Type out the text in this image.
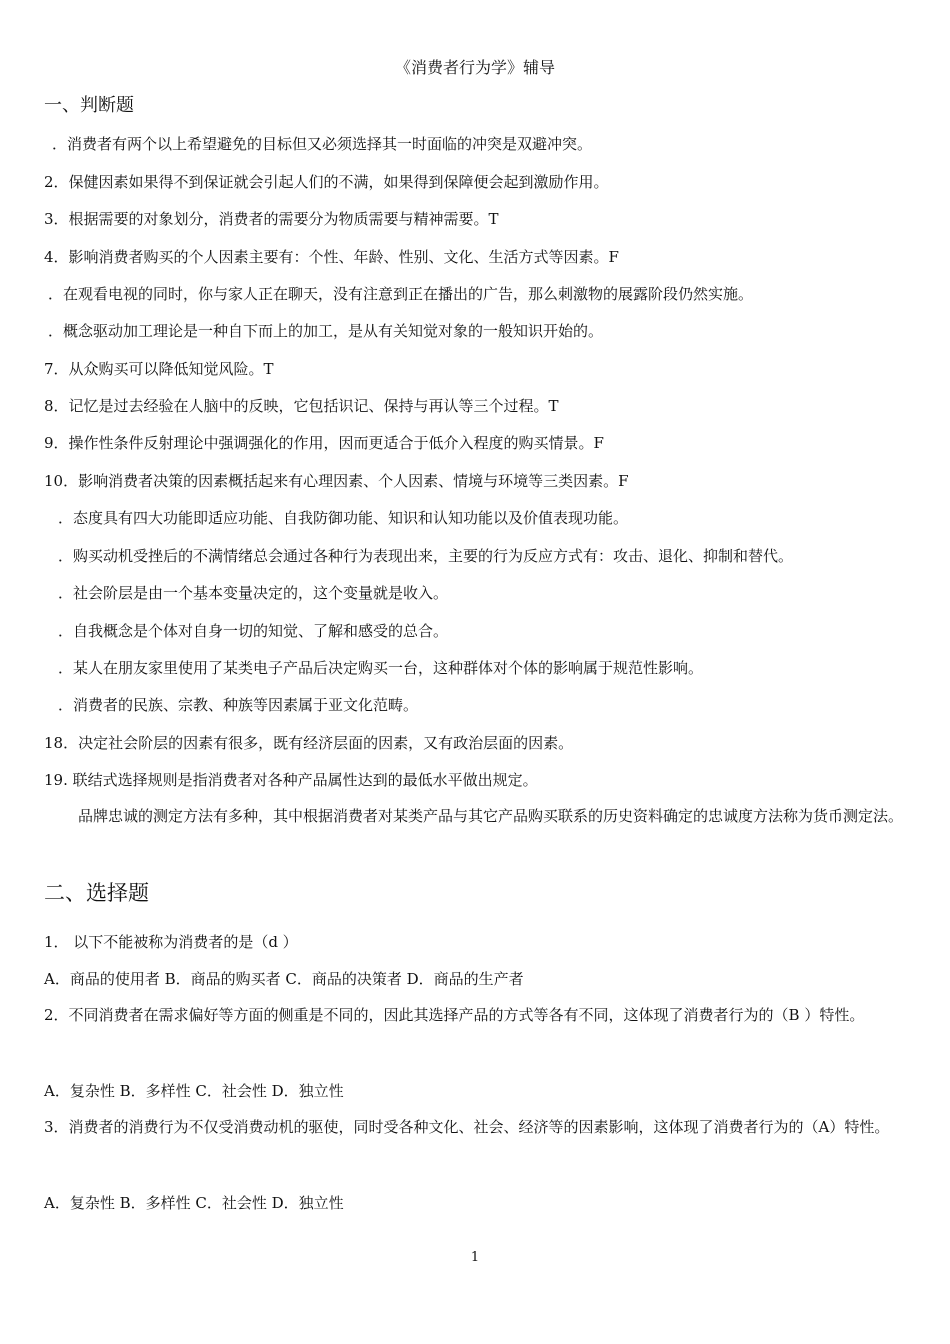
《消费者行为学》辅导
一、判断题
．消费者有两个以上希望避免的目标但又必须选择其一时面临的冲突是双避冲突。
2．保健因素如果得不到保证就会引起人们的不满，如果得到保障便会起到激励作用。
3．根据需要的对象划分，消费者的需要分为物质需要与精神需要。T
4．影响消费者购买的个人因素主要有：个性、年龄、性别、文化、生活方式等因素。F
．在观看电视的同时，你与家人正在聊天，没有注意到正在播出的广告，那么刺激物的展露阶段仍然实施。
．概念驱动加工理论是一种自下而上的加工，是从有关知觉对象的一般知识开始的。
7．从众购买可以降低知觉风险。T
8．记忆是过去经验在人脑中的反映，它包括识记、保持与再认等三个过程。T
9．操作性条件反射理论中强调强化的作用，因而更适合于低介入程度的购买情景。F
10．影响消费者决策的因素概括起来有心理因素、个人因素、情境与环境等三类因素。F
．态度具有四大功能即适应功能、自我防御功能、知识和认知功能以及价值表现功能。
．购买动机受挫后的不满情绪总会通过各种行为表现出来，主要的行为反应方式有：攻击、退化、抑制和替代。
．社会阶层是由一个基本变量决定的，这个变量就是收入。
．自我概念是个体对自身一切的知觉、了解和感受的总合。
．某人在朋友家里使用了某类电子产品后决定购买一台，这种群体对个体的影响属于规范性影响。
．消费者的民族、宗教、种族等因素属于亚文化范畴。
18．决定社会阶层的因素有很多，既有经济层面的因素，又有政治层面的因素。
19. 联结式选择规则是指消费者对各种产品属性达到的最低水平做出规定。
品牌忠诚的测定方法有多种，其中根据消费者对某类产品与其它产品购买联系的历史资料确定的忠诚度方法称为货币测定法。
二、选择题
1． 以下不能被称为消费者的是（d ）
A．商品的使用者 B．商品的购买者 C．商品的决策者 D．商品的生产者
2．不同消费者在需求偏好等方面的侧重是不同的，因此其选择产品的方式等各有不同，这体现了消费者行为的（B ）特性。
A．复杂性 B．多样性 C．社会性 D．独立性
3．消费者的消费行为不仅受消费动机的驱使，同时受各种文化、社会、经济等的因素影响，这体现了消费者行为的（A）特性。
A．复杂性 B．多样性 C．社会性 D．独立性
1
